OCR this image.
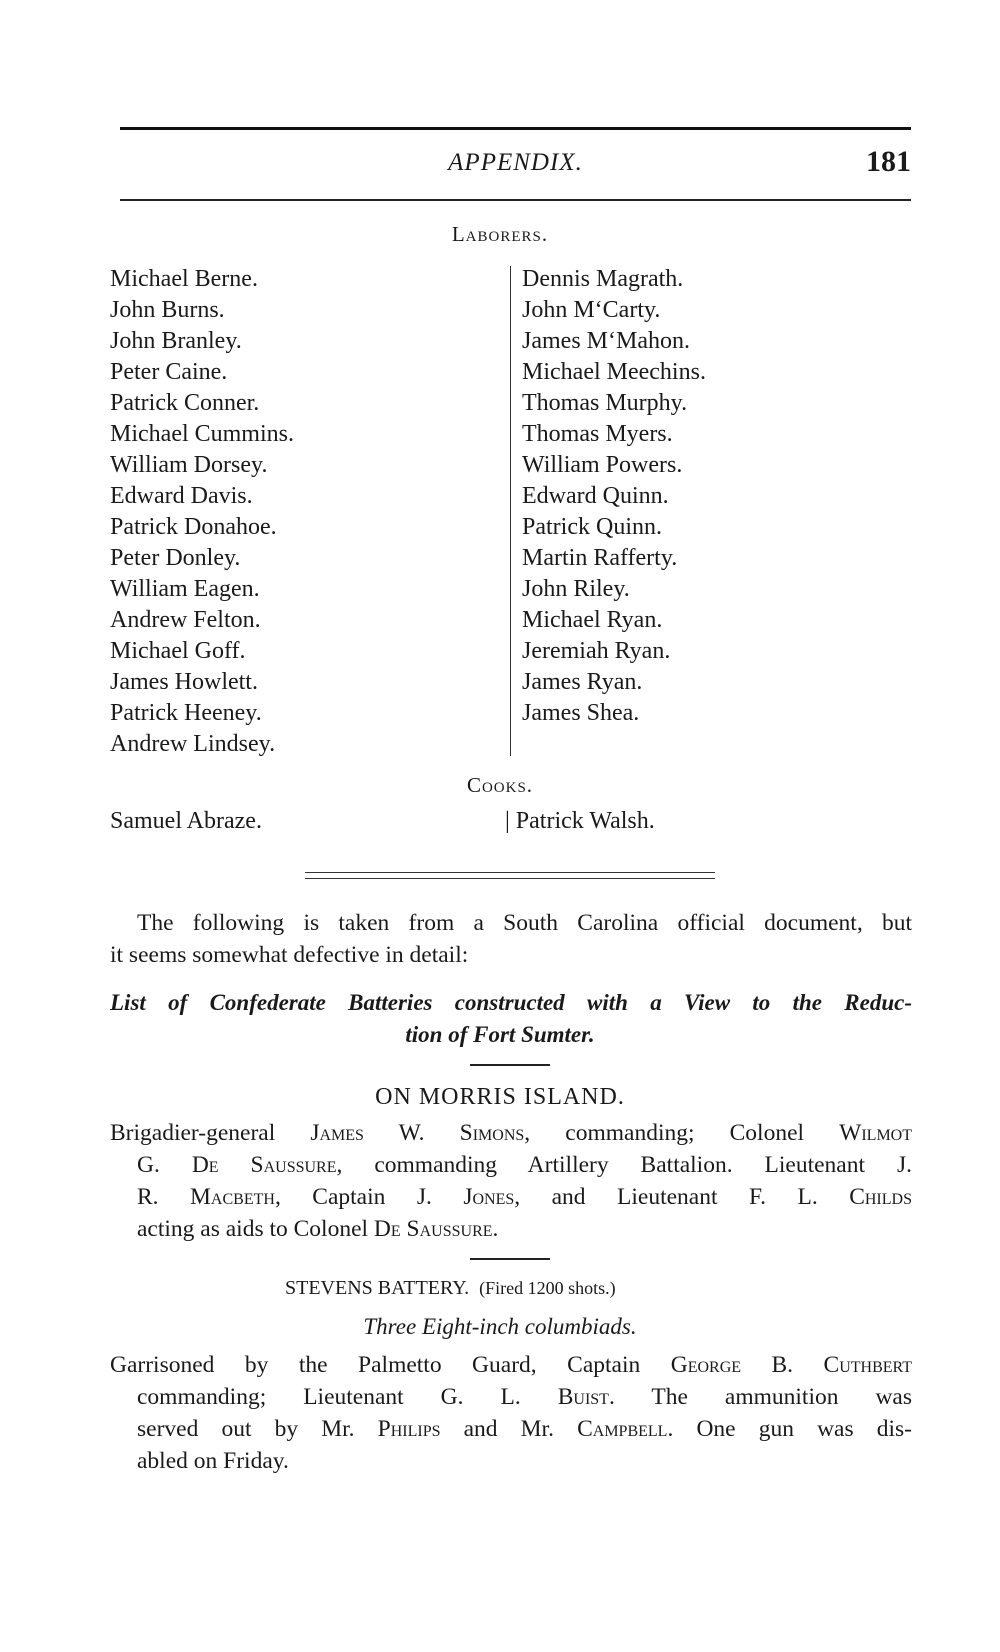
APPENDIX.	181
Laborers.
Michael Berne.
John Burns.
John Branley.
Peter Caine.
Patrick Conner.
Michael Cummins.
William Dorsey.
Edward Davis.
Patrick Donahoe.
Peter Donley.
William Eagen.
Andrew Felton.
Michael Goff.
James Howlett.
Patrick Heeney.
Andrew Lindsey.
Dennis Magrath.
John M‘Carty.
James M‘Mahon.
Michael Meechins.
Thomas Murphy.
Thomas Myers.
William Powers.
Edward Quinn.
Patrick Quinn.
Martin Rafferty.
John Riley.
Michael Ryan.
Jeremiah Ryan.
James Ryan.
James Shea.
Cooks.
Samuel Abraze.	| Patrick Walsh.
The following is taken from a South Carolina official document, but
it seems somewhat defective in detail:
List of Confederate Batteries constructed with a View to the Reduc-
tion of Fort Sumter.
ON MORRIS ISLAND.
Brigadier-general James W. Simons, commanding; Colonel Wilmot
G. De Saussure, commanding Artillery Battalion. Lieutenant J.
R. Macbeth, Captain J. Jones, and Lieutenant F. L. Childs
acting as aids to Colonel De Saussure.
STEVENS BATTERY. (Fired 1200 shots.)
Three Eight-inch columbiads.
Garrisoned by the Palmetto Guard, Captain George B. Cuthbert
commanding; Lieutenant G. L. Buist. The ammunition was
served out by Mr. Philips and Mr. Campbell. One gun was dis-
abled on Friday.
